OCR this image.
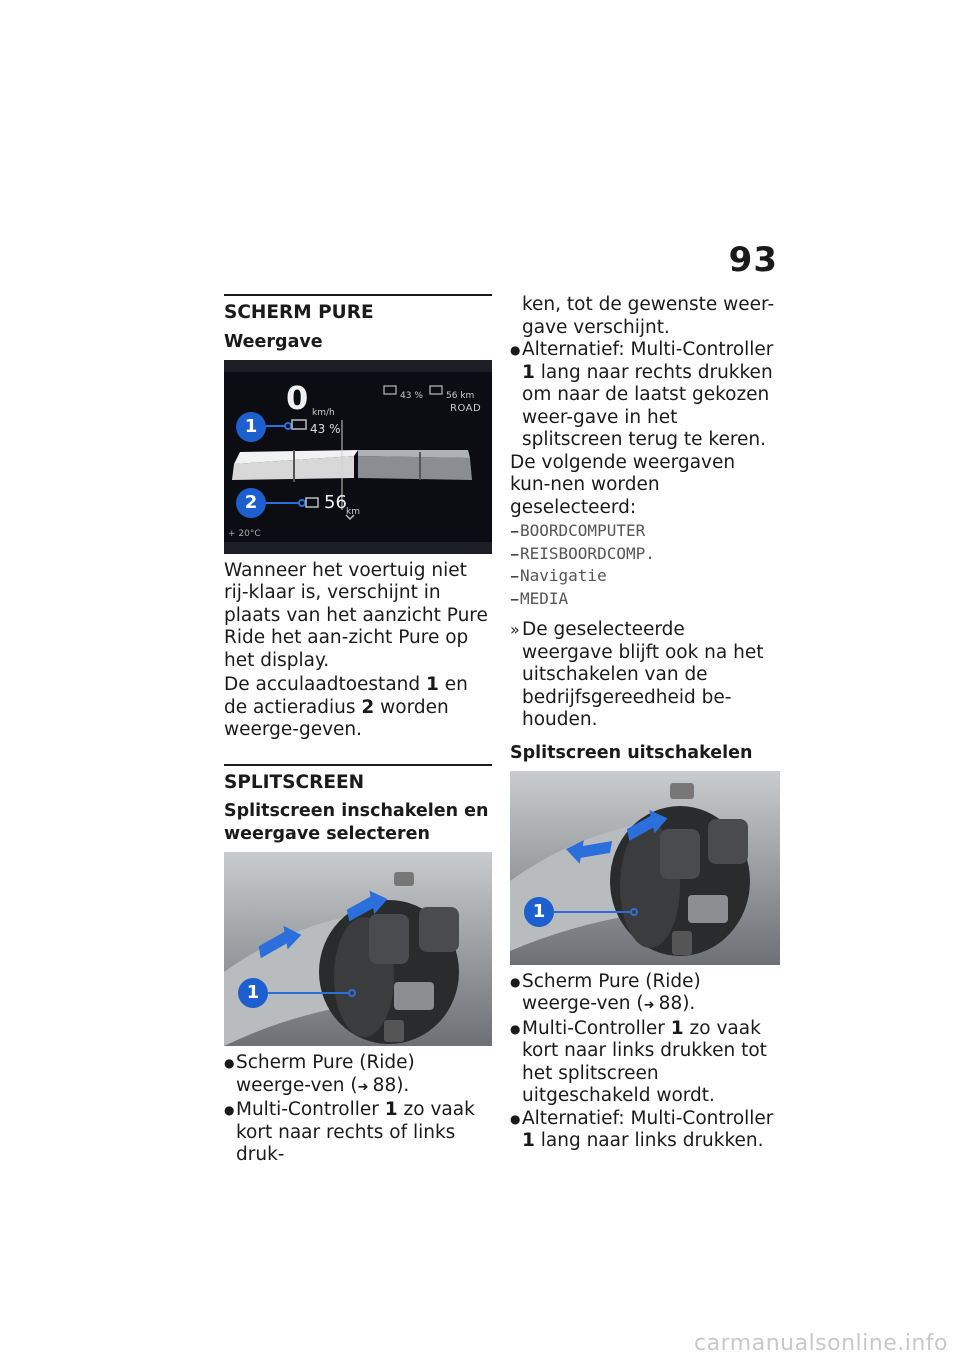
93
SCHERM PURE
Weergave
0 km/h
43 %	56 km
ROAD
43 %
56 km
+ 20°C
1
2

Wanneer het voertuig niet rij-klaar is, verschijnt in plaats van het aanzicht Pure Ride het aan-zicht Pure op het display.

De acculaadtoestand 1 en de actieradius 2 worden weerge-geven.

SPLITSCREEN
Splitscreen inschakelen en weergave selecteren
1
● Scherm Pure (Ride) weerge-ven (➜ 88).
● Multi-Controller 1 zo vaak kort naar rechts of links druk-
ken, tot de gewenste weer-gave verschijnt.
● Alternatief: Multi-Controller 1 lang naar rechts drukken om naar de laatst gekozen weer-gave in het splitscreen terug te keren.

De volgende weergaven kun-nen worden geselecteerd:

– BOORDCOMPUTER
– REISBOORDCOMP.
– Navigatie
– MEDIA
» De geselecteerde weergave blijft ook na het uitschakelen van de bedrijfsgereedheid be-houden.
Splitscreen uitschakelen
1
● Scherm Pure (Ride) weerge-ven (➜ 88).
● Multi-Controller 1 zo vaak kort naar links drukken tot het splitscreen uitgeschakeld wordt.
● Alternatief: Multi-Controller 1 lang naar links drukken.
carmanualsonline.info
